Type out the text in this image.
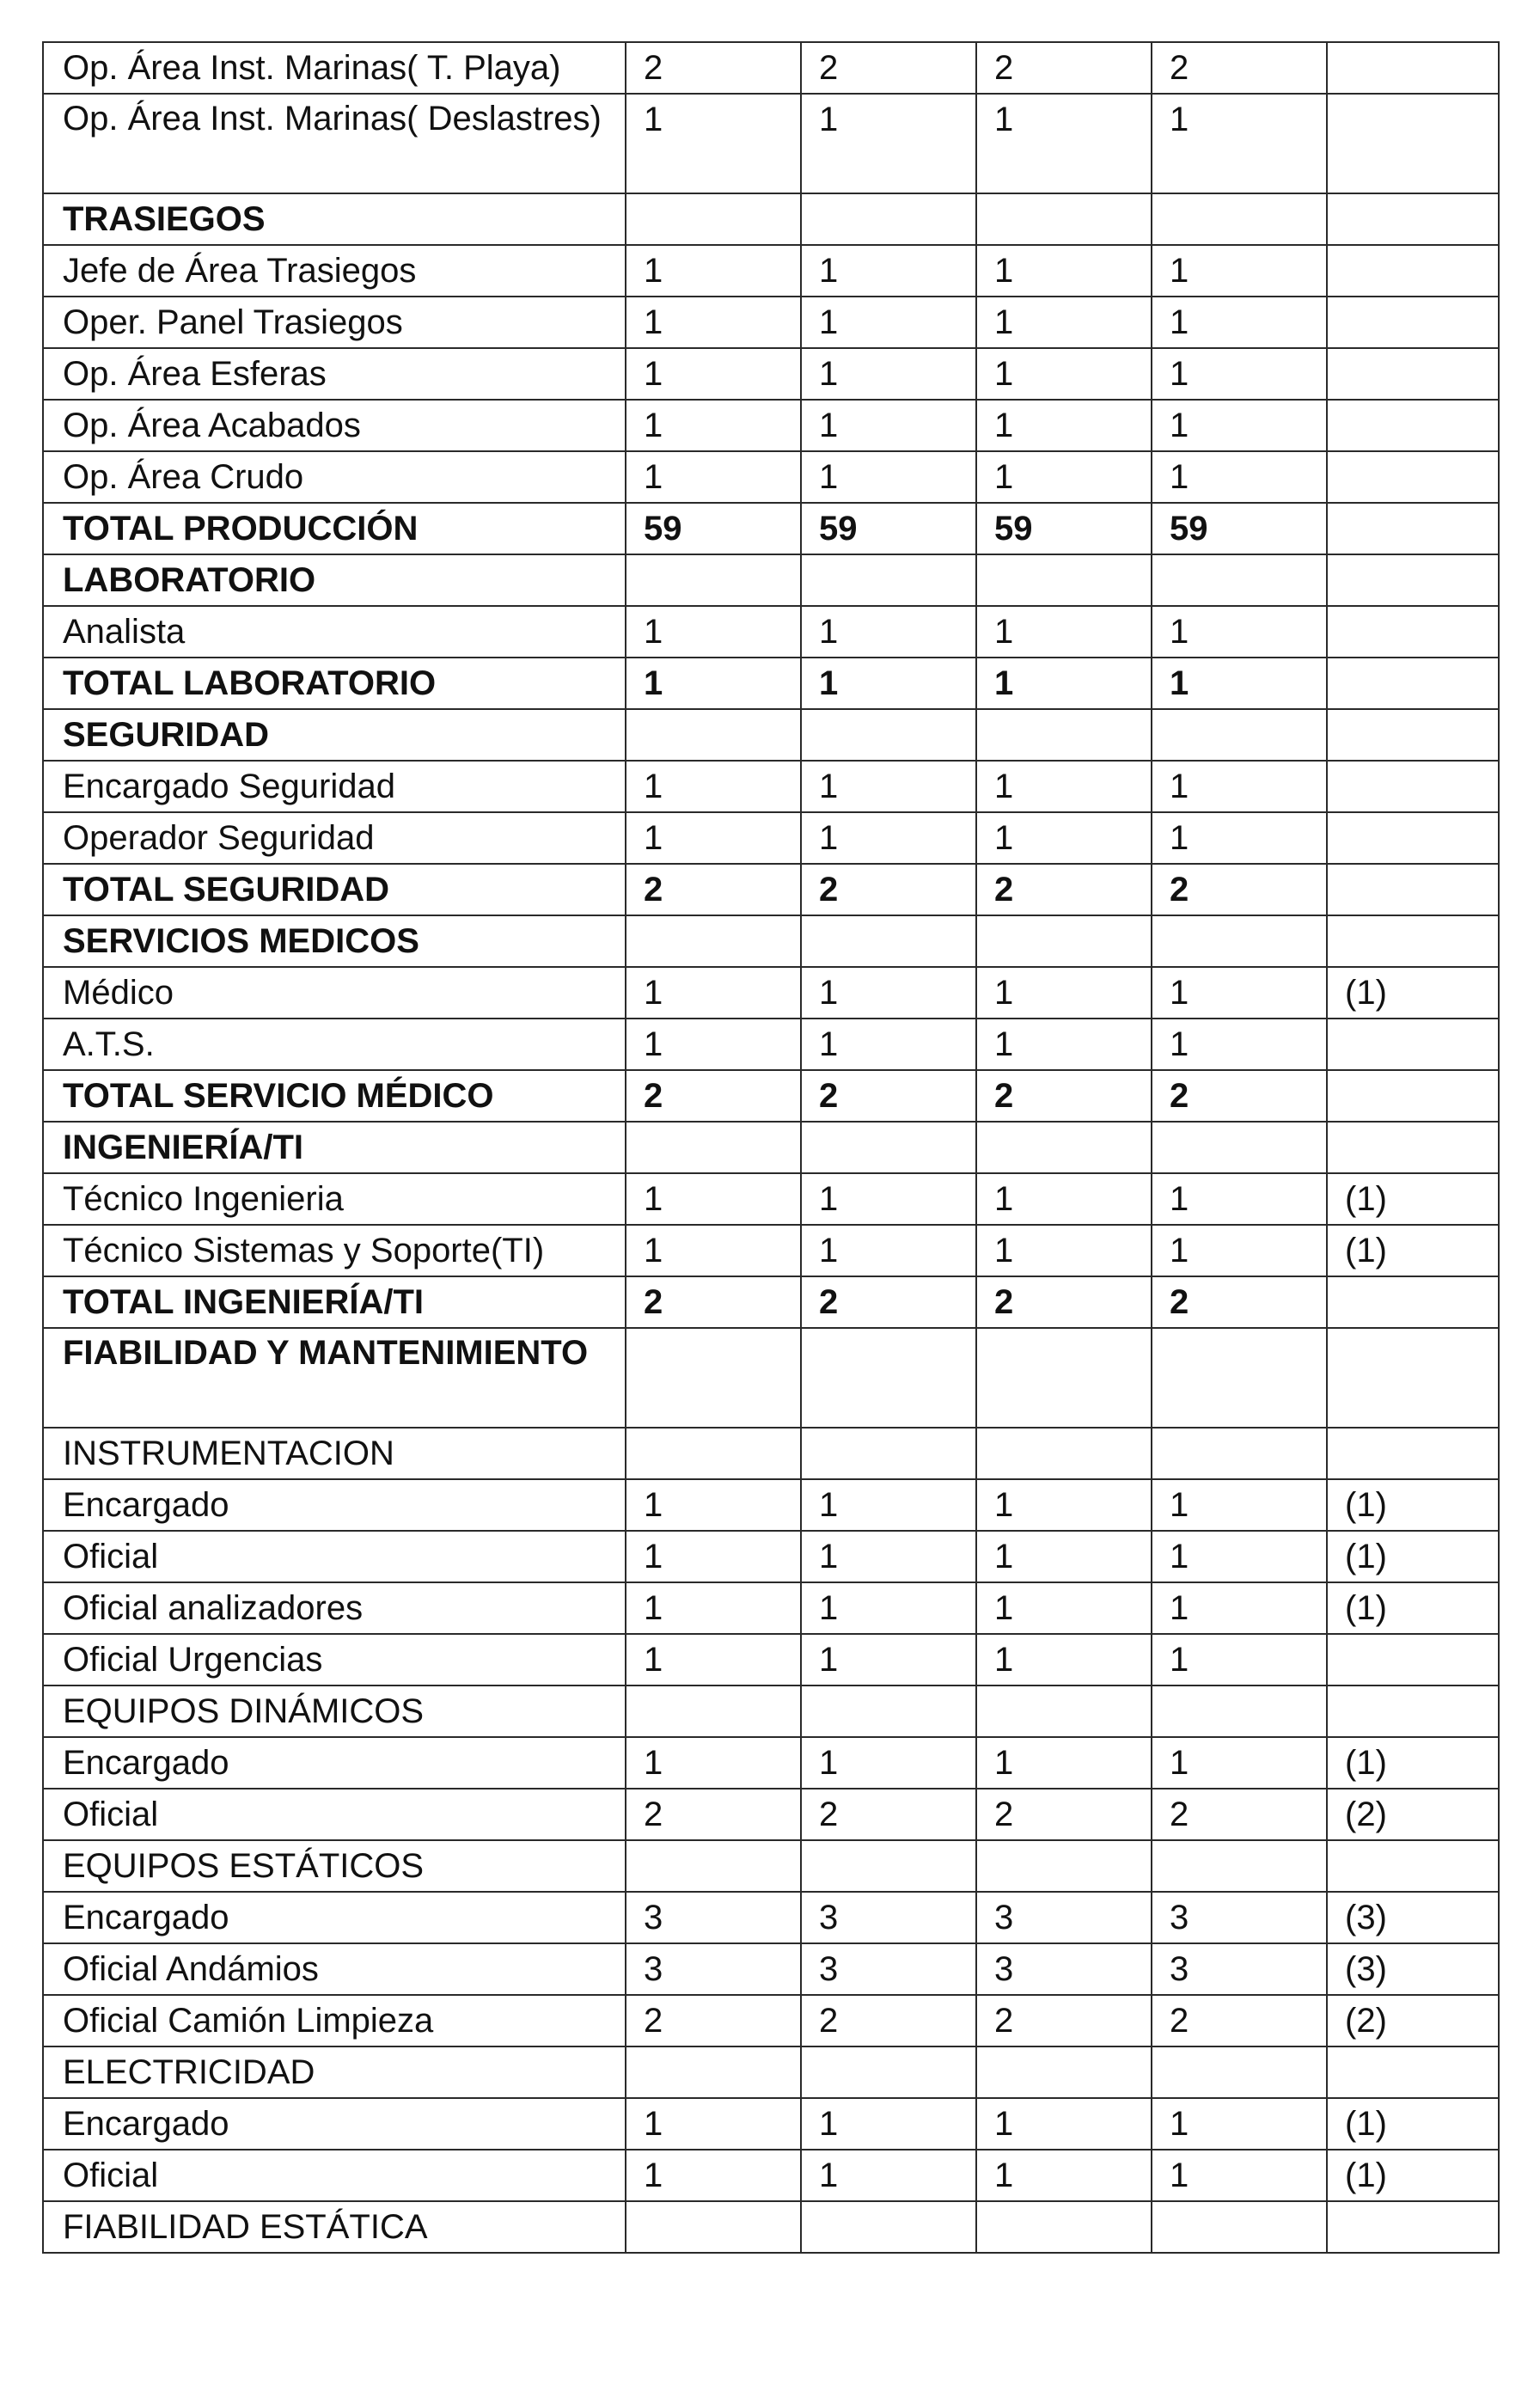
Op. Área Inst. Marinas( T. Playa)	2	2	2	2	
Op. Área Inst. Marinas( Deslastres)	1	1	1	1	
TRASIEGOS					
Jefe de Área Trasiegos	1	1	1	1	
Oper. Panel Trasiegos	1	1	1	1	
Op. Área Esferas	1	1	1	1	
Op. Área Acabados	1	1	1	1	
Op. Área Crudo	1	1	1	1	
TOTAL PRODUCCIÓN	59	59	59	59	
LABORATORIO					
Analista	1	1	1	1	
TOTAL LABORATORIO	1	1	1	1	
SEGURIDAD					
Encargado Seguridad	1	1	1	1	
Operador Seguridad	1	1	1	1	
TOTAL SEGURIDAD	2	2	2	2	
SERVICIOS MEDICOS					
Médico	1	1	1	1	(1)
A.T.S.	1	1	1	1	
TOTAL SERVICIO MÉDICO	2	2	2	2	
INGENIERÍA/TI					
Técnico Ingenieria	1	1	1	1	(1)
Técnico Sistemas y Soporte(TI)	1	1	1	1	(1)
TOTAL INGENIERÍA/TI	2	2	2	2	
FIABILIDAD Y MANTENIMIENTO					
INSTRUMENTACION					
Encargado	1	1	1	1	(1)
Oficial	1	1	1	1	(1)
Oficial analizadores	1	1	1	1	(1)
Oficial Urgencias	1	1	1	1	
EQUIPOS DINÁMICOS					
Encargado	1	1	1	1	(1)
Oficial	2	2	2	2	(2)
EQUIPOS ESTÁTICOS					
Encargado	3	3	3	3	(3)
Oficial Andámios	3	3	3	3	(3)
Oficial Camión Limpieza	2	2	2	2	(2)
ELECTRICIDAD					
Encargado	1	1	1	1	(1)
Oficial	1	1	1	1	(1)
FIABILIDAD ESTÁTICA					
